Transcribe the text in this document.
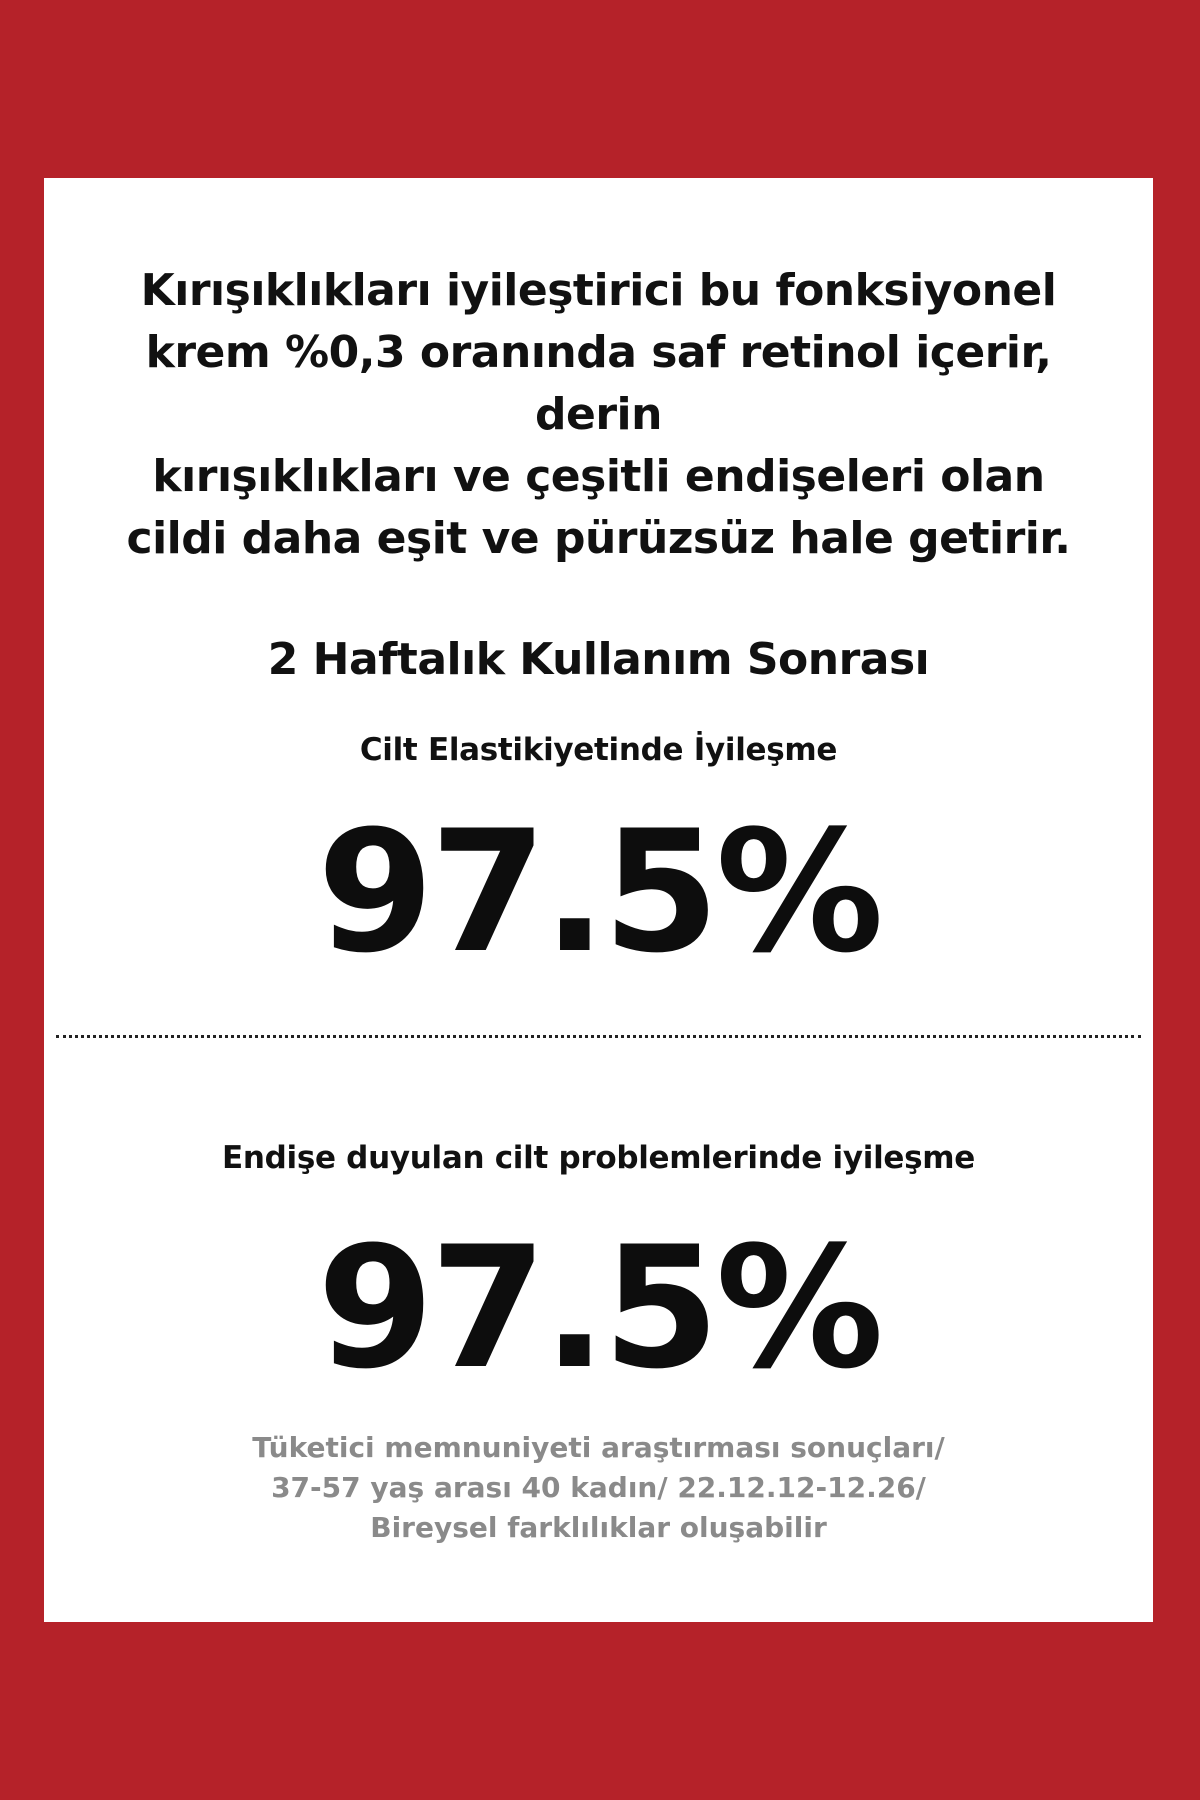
Kırışıklıkları iyileştirici bu fonksiyonel
krem %0,3 oranında saf retinol içerir, derin
kırışıklıkları ve çeşitli endişeleri olan
cildi daha eşit ve pürüzsüz hale getirir.

2 Haftalık Kullanım Sonrası

Cilt Elastikiyetinde İyileşme

97.5%

Endişe duyulan cilt problemlerinde iyileşme

97.5%

Tüketici memnuniyeti araştırması sonuçları/
37-57 yaş arası 40 kadın/ 22.12.12-12.26/
Bireysel farklılıklar oluşabilir
